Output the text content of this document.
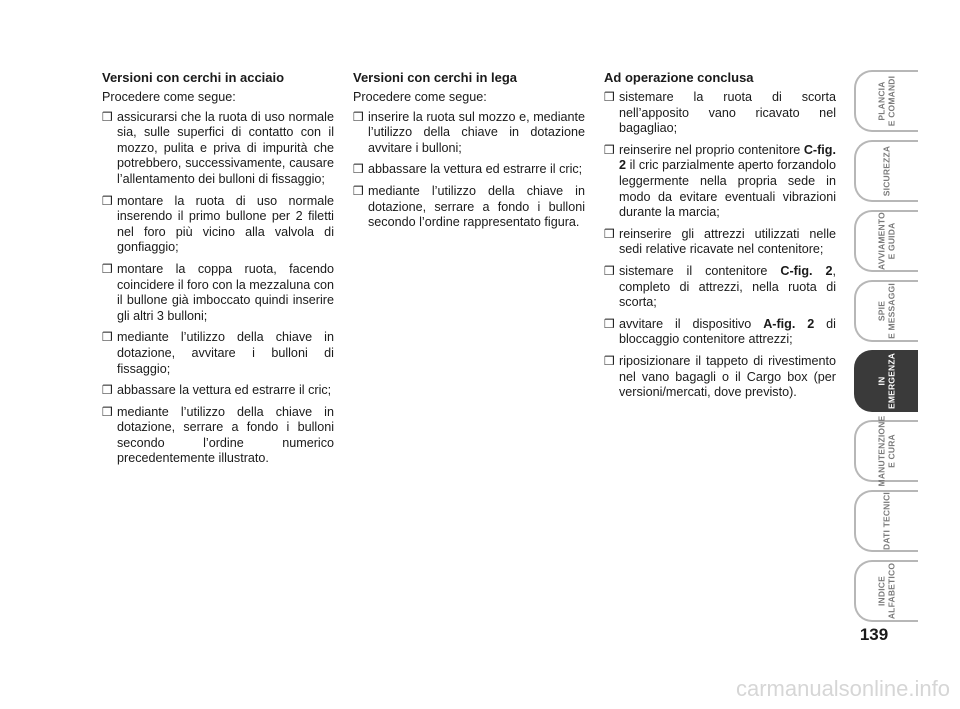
Versioni con cerchi in acciaio

Procedere come segue:

❒ assicurarsi che la ruota di uso normale sia, sulle superfici di contatto con il mozzo, pulita e priva di impurità che potrebbero, successivamente, causare l’allentamento dei bulloni di fissaggio;
❒ montare la ruota di uso normale inserendo il primo bullone per 2 filetti nel foro più vicino alla valvola di gonfiaggio;
❒ montare la coppa ruota, facendo coincidere il foro con la mezzaluna con il bullone già imboccato quindi inserire gli altri 3 bulloni;
❒ mediante l’utilizzo della chiave in dotazione, avvitare i bulloni di fissaggio;
❒ abbassare la vettura ed estrarre il cric;
❒ mediante l’utilizzo della chiave in dotazione, serrare a fondo i bulloni secondo l’ordine numerico precedentemente illustrato.
Versioni con cerchi in lega

Procedere come segue:

❒ inserire la ruota sul mozzo e, mediante l’utilizzo della chiave in dotazione avvitare i bulloni;
❒ abbassare la vettura ed estrarre il cric;
❒ mediante l’utilizzo della chiave in dotazione, serrare a fondo i bulloni secondo l’ordine rappresentato figura.
Ad operazione conclusa
❒ sistemare la ruota di scorta nell’apposito vano ricavato nel bagagliao;
❒ reinserire nel proprio contenitore C-fig. 2 il cric parzialmente aperto forzandolo leggermente nella propria sede in modo da evitare eventuali vibrazioni durante la marcia;
❒ reinserire gli attrezzi utilizzati nelle sedi relative ricavate nel contenitore;
❒ sistemare il contenitore C-fig. 2, completo di attrezzi, nella ruota di scorta;
❒ avvitare il dispositivo A-fig. 2 di bloccaggio contenitore attrezzi;
❒ riposizionare il tappeto di rivestimento nel vano bagagli o il Cargo box (per versioni/mercati, dove previsto).
PLANCIA
E COMANDI
SICUREZZA
AVVIAMENTO
E GUIDA
SPIE
E MESSAGGI
IN
EMERGENZA
MANUTENZIONE
E CURA
DATI TECNICI
INDICE
ALFABETICO
139
carmanualsonline.info
